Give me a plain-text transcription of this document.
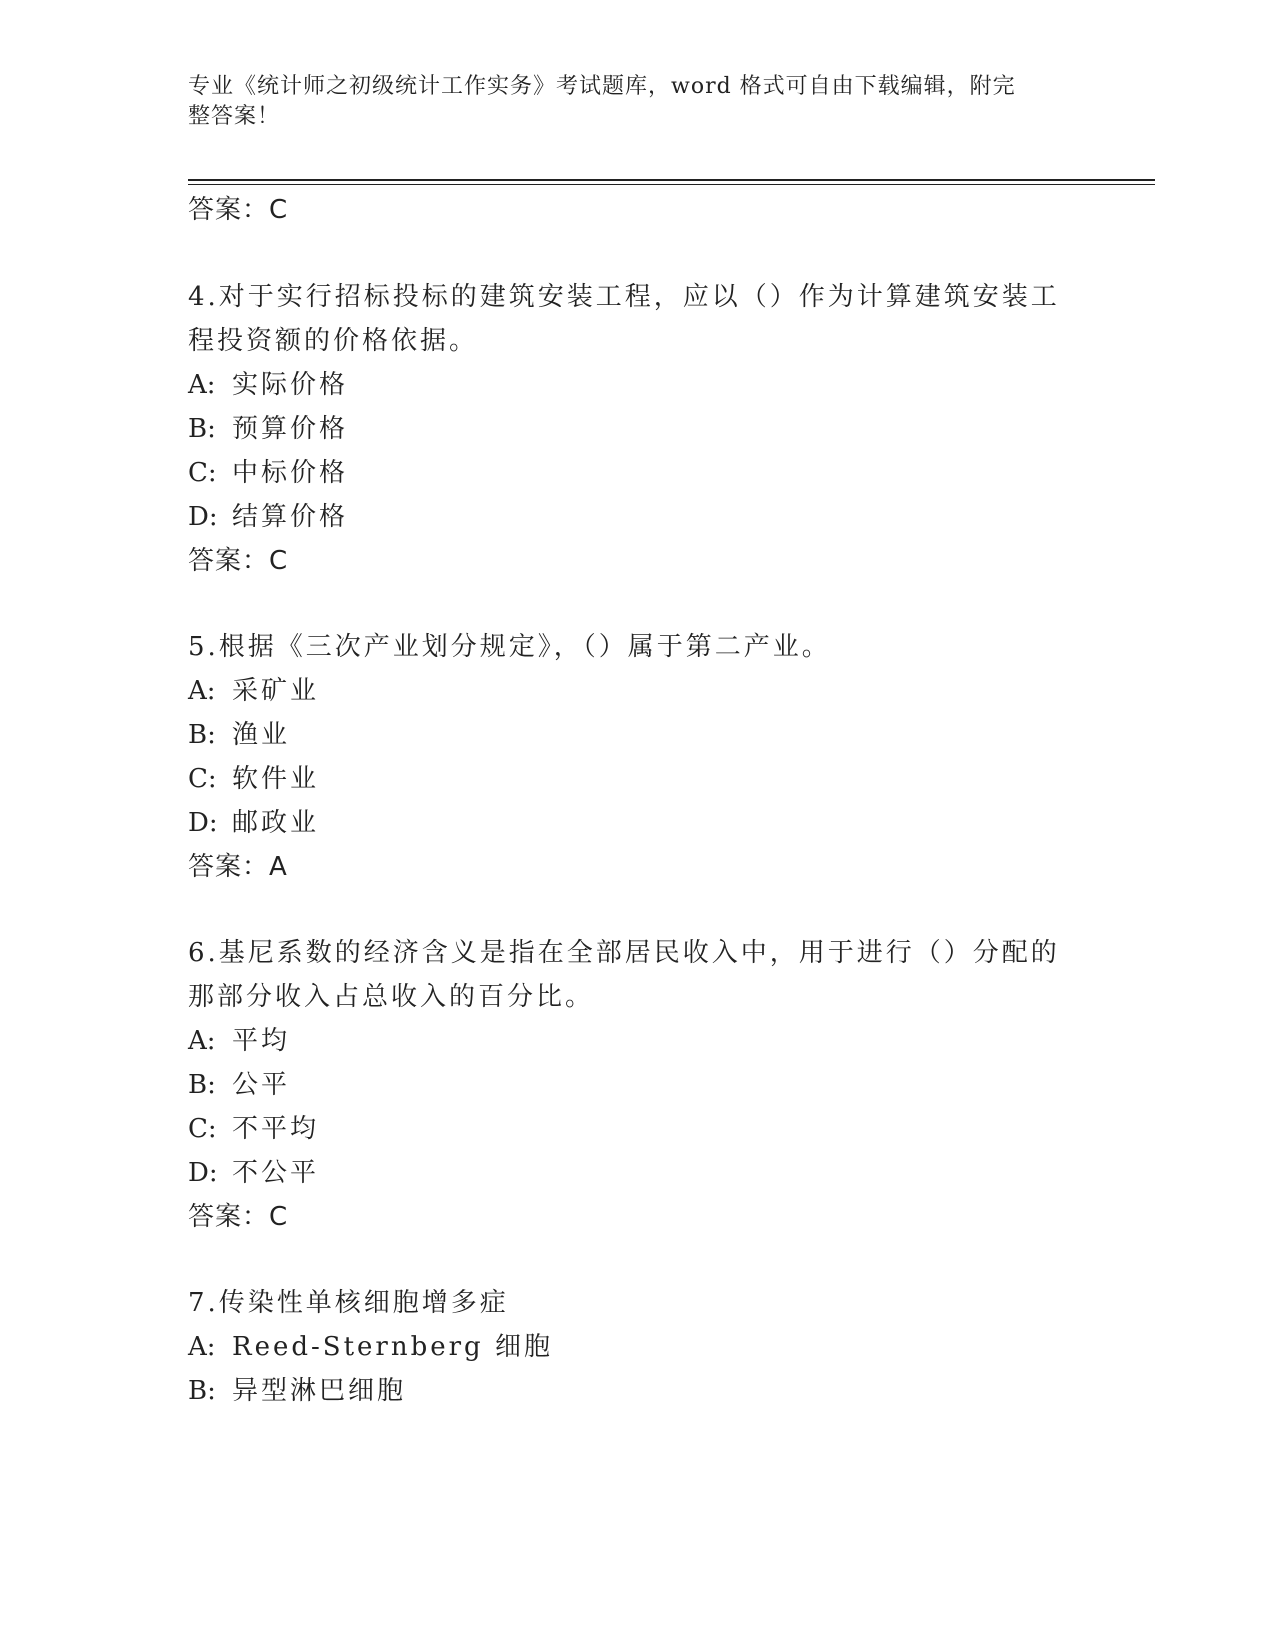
专业《统计师之初级统计工作实务》考试题库，word 格式可自由下载编辑，附完
整答案！
答案：C
4.对于实行招标投标的建筑安装工程，应以（）作为计算建筑安装工
程投资额的价格依据。
A: 实际价格
B: 预算价格
C: 中标价格
D: 结算价格
答案：C
5.根据《三次产业划分规定》，（）属于第二产业。
A: 采矿业
B: 渔业
C: 软件业
D: 邮政业
答案：A
6.基尼系数的经济含义是指在全部居民收入中，用于进行（）分配的
那部分收入占总收入的百分比。
A: 平均
B: 公平
C: 不平均
D: 不公平
答案：C
7.传染性单核细胞增多症
A: Reed-Sternberg 细胞
B: 异型淋巴细胞
